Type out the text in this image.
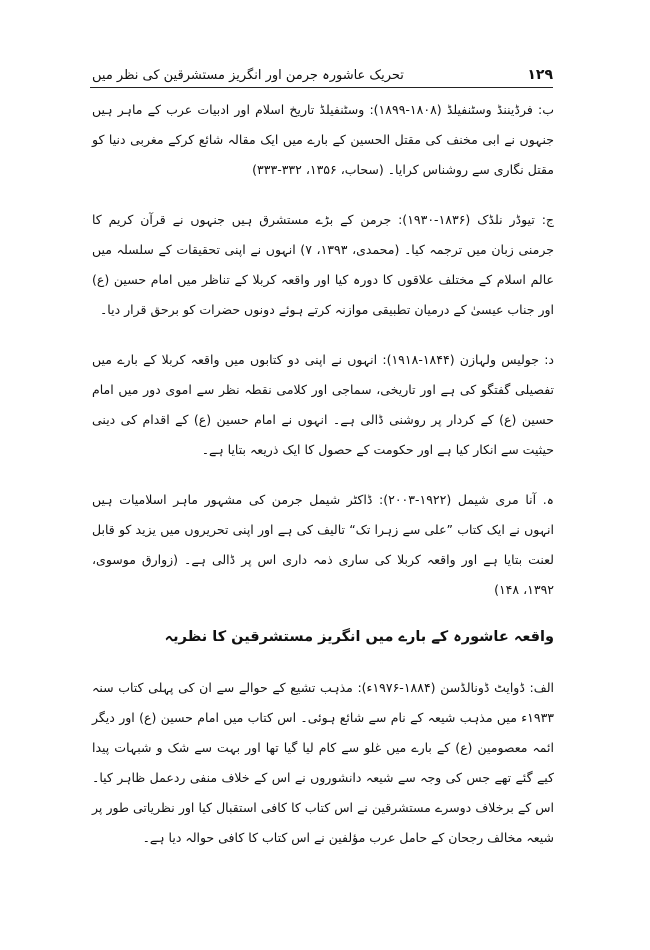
تحریک عاشورہ جرمن اور انگریز مستشرقین کی نظر میں	۱۲۹

ب: فرڈیننڈ وسٹنفیلڈ (۱۸۰۸-۱۸۹۹): وسٹنفیلڈ تاریخ اسلام اور ادبیات عرب کے ماہر ہیں جنہوں نے ابی مخنف کی مقتل الحسین کے بارے میں ایک مقالہ شائع کرکے مغربی دنیا کو مقتل نگاری سے روشناس کرایا۔ (سحاب، ۱۳۵۶، ۳۳۲-۳۳۳)

ج: تیوڈر نلڈک (۱۸۳۶-۱۹۳۰): جرمن کے بڑے مستشرق ہیں جنہوں نے قرآن کریم کا جرمنی زبان میں ترجمہ کیا۔ (محمدی، ۱۳۹۳، ۷) انہوں نے اپنی تحقیقات کے سلسلہ میں عالم اسلام کے مختلف علاقوں کا دورہ کیا اور واقعہ کربلا کے تناظر میں امام حسین (ع) اور جناب عیسیٰ کے درمیان تطبیقی موازنہ کرتے ہوئے دونوں حضرات کو برحق قرار دیا۔

د: جولیس ولہازن (۱۸۴۴-۱۹۱۸): انہوں نے اپنی دو کتابوں میں واقعہ کربلا کے بارے میں تفصیلی گفتگو کی ہے اور تاریخی، سماجی اور کلامی نقطہ نظر سے اموی دور میں امام حسین (ع) کے کردار پر روشنی ڈالی ہے۔ انہوں نے امام حسین (ع) کے اقدام کی دینی حیثیت سے انکار کیا ہے اور حکومت کے حصول کا ایک ذریعہ بتایا ہے۔

ہ. آنا مری شیمل (۱۹۲۲-۲۰۰۳): ڈاکٹر شیمل جرمن کی مشہور ماہر اسلامیات ہیں انہوں نے ایک کتاب ”علی سے زہرا تک“ تالیف کی ہے اور اپنی تحریروں میں یزید کو قابل لعنت بتایا ہے اور واقعہ کربلا کی ساری ذمہ داری اس پر ڈالی ہے۔ (زوارق موسوی، ۱۳۹۲، ۱۴۸)

واقعہ عاشورہ کے بارے میں انگریز مستشرقین کا نظریہ

الف: ڈوایٹ ڈونالڈسن (۱۸۸۴-۱۹۷۶ء): مذہب تشیع کے حوالے سے ان کی پہلی کتاب سنہ ۱۹۳۳ء میں مذہب شیعہ کے نام سے شائع ہوئی۔ اس کتاب میں امام حسین (ع) اور دیگر ائمہ معصومین (ع) کے بارے میں غلو سے کام لیا گیا تھا اور بہت سے شک و شبہات پیدا کیے گئے تھے جس کی وجہ سے شیعہ دانشوروں نے اس کے خلاف منفی ردعمل ظاہر کیا۔ اس کے برخلاف دوسرے مستشرقین نے اس کتاب کا کافی استقبال کیا اور نظریاتی طور پر شیعہ مخالف رجحان کے حامل عرب مؤلفین نے اس کتاب کا کافی حوالہ دیا ہے۔
